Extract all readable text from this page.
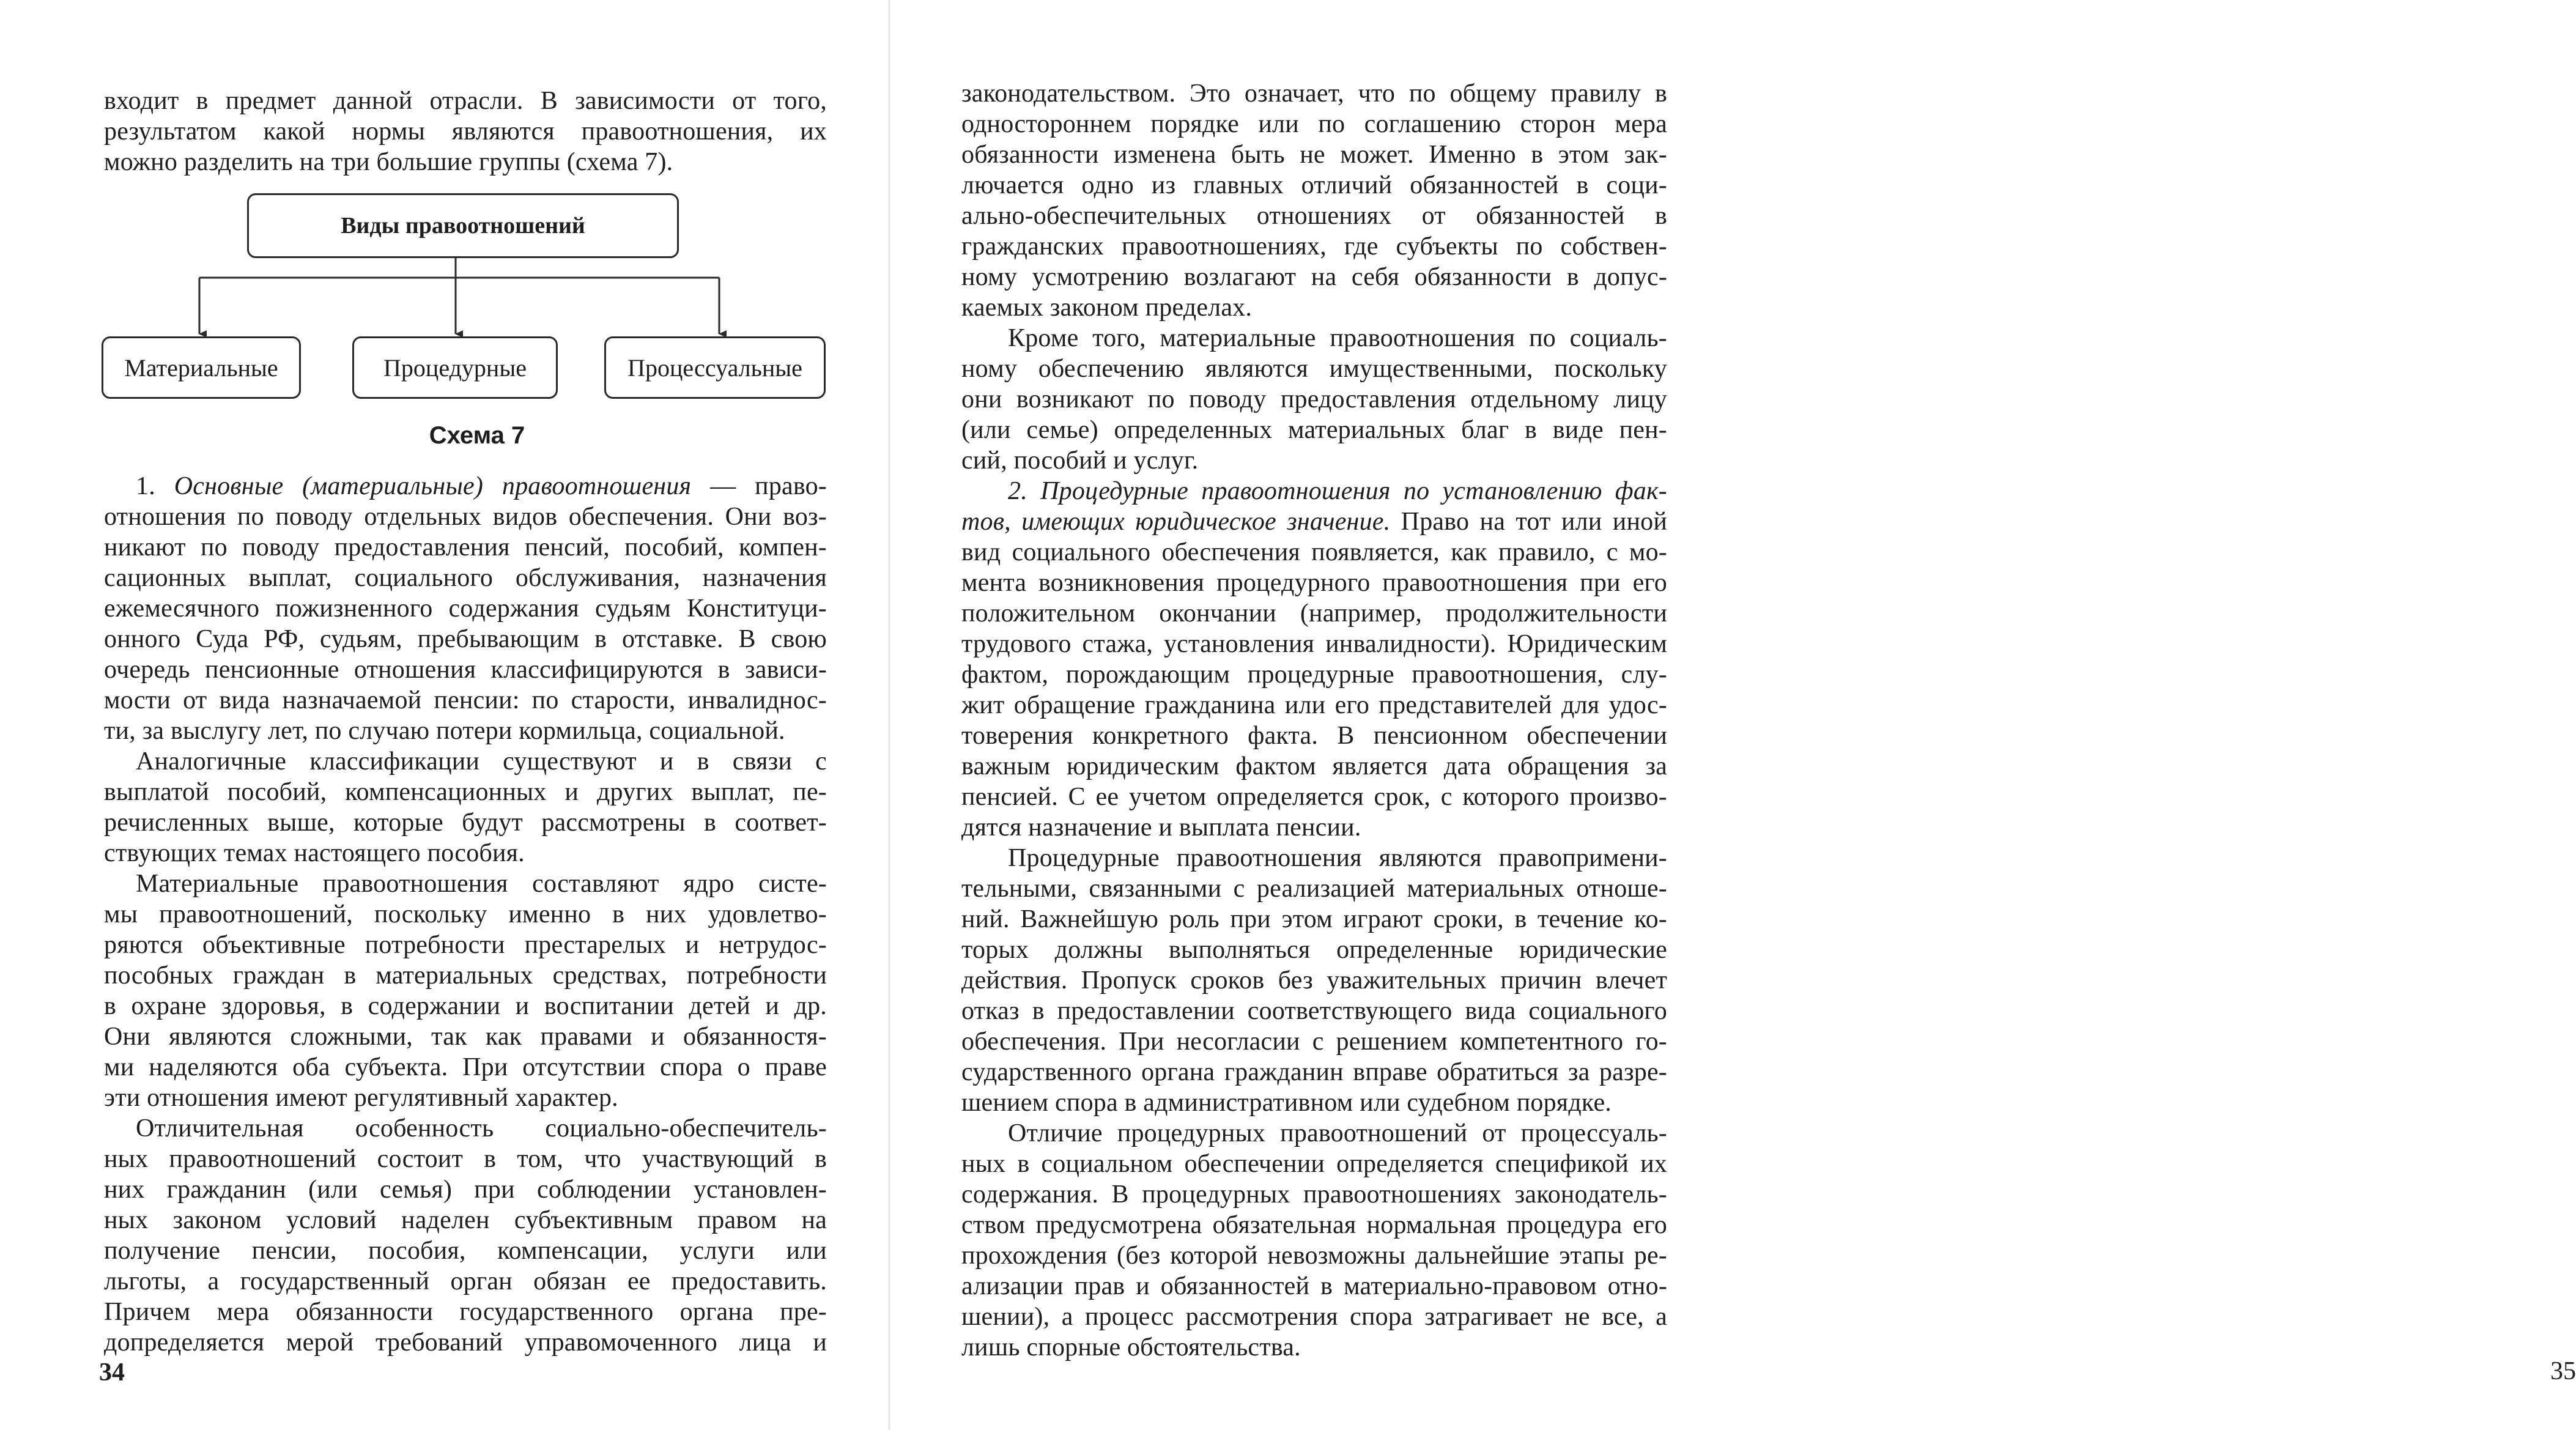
входит в предмет данной отрасли. В зависимости от того,
результатом какой нормы являются правоотношения, их
можно разделить на три большие группы (схема 7).
Виды правоотношений
Материальные	Процедурные	Процессуальные
Схема 7
1. Основные (материальные) правоотношения — право-
отношения по поводу отдельных видов обеспечения. Они воз-
никают по поводу предоставления пенсий, пособий, компен-
сационных выплат, социального обслуживания, назначения
ежемесячного пожизненного содержания судьям Конституци-
онного Суда РФ, судьям, пребывающим в отставке. В свою
очередь пенсионные отношения классифицируются в зависи-
мости от вида назначаемой пенсии: по старости, инвалиднос-
ти, за выслугу лет, по случаю потери кормильца, социальной.
Аналогичные классификации существуют и в связи с
выплатой пособий, компенсационных и других выплат, пе-
речисленных выше, которые будут рассмотрены в соответ-
ствующих темах настоящего пособия.
Материальные правоотношения составляют ядро систе-
мы правоотношений, поскольку именно в них удовлетво-
ряются объективные потребности престарелых и нетрудос-
пособных граждан в материальных средствах, потребности
в охране здоровья, в содержании и воспитании детей и др.
Они являются сложными, так как правами и обязанностя-
ми наделяются оба субъекта. При отсутствии спора о праве
эти отношения имеют регулятивный характер.
Отличительная особенность социально-обеспечитель-
ных правоотношений состоит в том, что участвующий в
них гражданин (или семья) при соблюдении установлен-
ных законом условий наделен субъективным правом на
получение пенсии, пособия, компенсации, услуги или
льготы, а государственный орган обязан ее предоставить.
Причем мера обязанности государственного органа пре-
допределяется мерой требований управомоченного лица и
34
законодательством. Это означает, что по общему правилу в
одностороннем порядке или по соглашению сторон мера
обязанности изменена быть не может. Именно в этом зак-
лючается одно из главных отличий обязанностей в соци-
ально-обеспечительных отношениях от обязанностей в
гражданских правоотношениях, где субъекты по собствен-
ному усмотрению возлагают на себя обязанности в допус-
каемых законом пределах.
Кроме того, материальные правоотношения по социаль-
ному обеспечению являются имущественными, поскольку
они возникают по поводу предоставления отдельному лицу
(или семье) определенных материальных благ в виде пен-
сий, пособий и услуг.
2. Процедурные правоотношения по установлению фак-
тов, имеющих юридическое значение. Право на тот или иной
вид социального обеспечения появляется, как правило, с мо-
мента возникновения процедурного правоотношения при его
положительном окончании (например, продолжительности
трудового стажа, установления инвалидности). Юридическим
фактом, порождающим процедурные правоотношения, слу-
жит обращение гражданина или его представителей для удос-
товерения конкретного факта. В пенсионном обеспечении
важным юридическим фактом является дата обращения за
пенсией. С ее учетом определяется срок, с которого произво-
дятся назначение и выплата пенсии.
Процедурные правоотношения являются правопримени-
тельными, связанными с реализацией материальных отноше-
ний. Важнейшую роль при этом играют сроки, в течение ко-
торых должны выполняться определенные юридические
действия. Пропуск сроков без уважительных причин влечет
отказ в предоставлении соответствующего вида социального
обеспечения. При несогласии с решением компетентного го-
сударственного органа гражданин вправе обратиться за разре-
шением спора в административном или судебном порядке.
Отличие процедурных правоотношений от процессуаль-
ных в социальном обеспечении определяется спецификой их
содержания. В процедурных правоотношениях законодатель-
ством предусмотрена обязательная нормальная процедура его
прохождения (без которой невозможны дальнейшие этапы ре-
ализации прав и обязанностей в материально-правовом отно-
шении), а процесс рассмотрения спора затрагивает не все, а
лишь спорные обстоятельства.
35
